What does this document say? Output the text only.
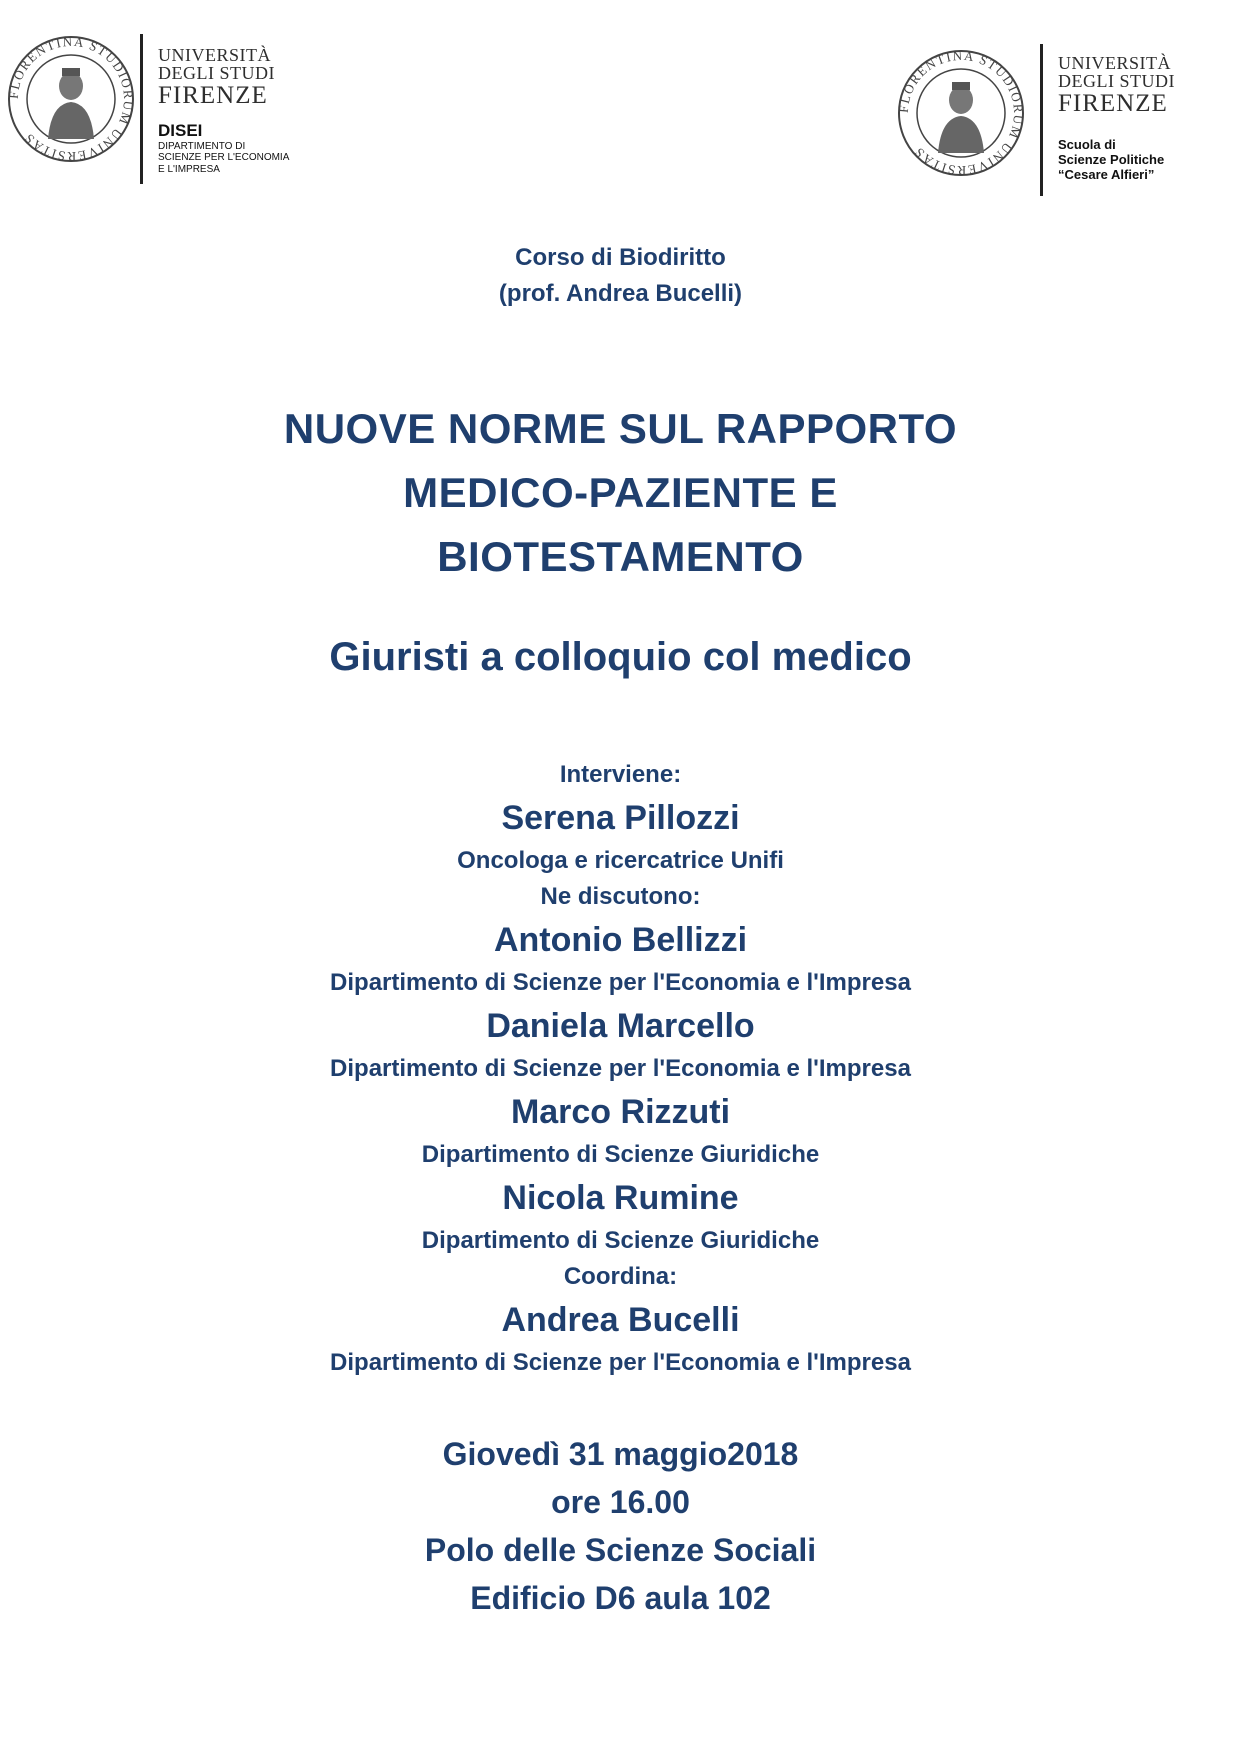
FLORENTINA STUDIORUM UNIVERSITAS
UNIVERSITÀ
DEGLI STUDI
FIRENZE
DISEI
DIPARTIMENTO DI
SCIENZE PER L'ECONOMIA
E L'IMPRESA
FLORENTINA STUDIORUM UNIVERSITAS
UNIVERSITÀ
DEGLI STUDI
FIRENZE
Scuola di
Scienze Politiche
“Cesare Alfieri”
Corso di Biodiritto
(prof. Andrea Bucelli)
NUOVE NORME SUL RAPPORTO
MEDICO-PAZIENTE E
BIOTESTAMENTO
Giuristi a colloquio col medico
Interviene:
Serena Pillozzi
Oncologa e ricercatrice Unifi
Ne discutono:
Antonio Bellizzi
Dipartimento di Scienze per l'Economia e l'Impresa
Daniela Marcello
Dipartimento di Scienze per l'Economia e l'Impresa
Marco Rizzuti
Dipartimento di Scienze Giuridiche
Nicola Rumine
Dipartimento di Scienze Giuridiche
Coordina:
Andrea Bucelli
Dipartimento di Scienze per l'Economia e l'Impresa
Giovedì 31 maggio2018
ore 16.00
Polo delle Scienze Sociali
Edificio D6 aula 102
